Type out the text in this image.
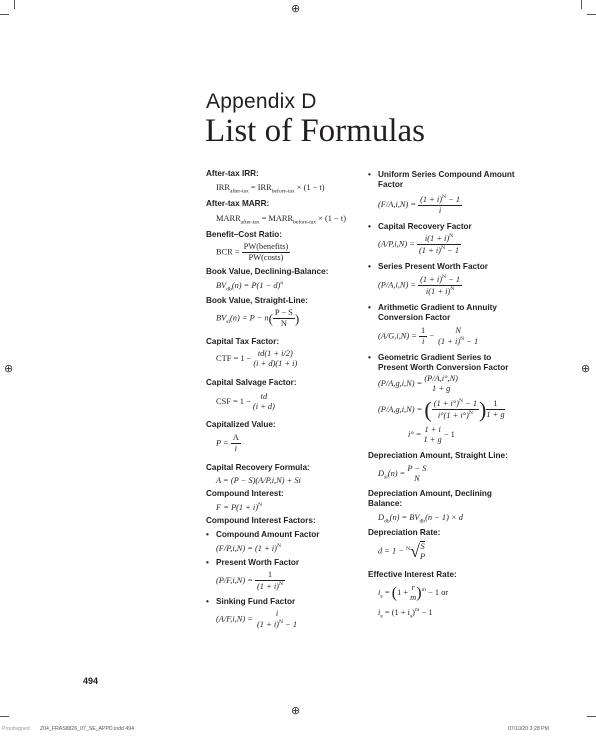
⊕
⊕	⊕
⊕
Appendix D
List of Formulas

After-tax IRR:

$IRR_{after-tax} = IRR_{before-tax} \times (1 - t)$

After-tax MARR:

$MARR_{after-tax}$ = $MARR_{before-tax} \times (1 - t)$

Benefit–Cost Ratio:

BCR = $\frac{\text{PW(benefits)}}{\text{PW(costs)}}$

Book Value, Declining-Balance:

$BV_{db}(n) = P(1 - d)^n$

Book Value, Straight-Line:

$BV_{sl}(n) = P - n( \frac{P - S}{N}$ )

Capital Tax Factor:

CTF = 1 −
td(1 + i/2)
(i + d)(1 + i)

Capital Salvage Factor:

CSF = 1 −
td
(i + d)

Capitalized Value:

$P = \frac{A}{i}$

Capital Recovery Formula:

A = (P − S)(A/P,i,N) + Si

Compound Interest:

$F = P(1 + i)^N$

Compound Interest Factors:

• Compound Amount Factor
$(F/P,i,N) = (1 + i)^N$
• Present Worth Factor
$(P/F,i,N) = \frac{1}{(1 + i)^N}$
• Sinking Fund Factor
(A/F,i,N) =
i
$(1 + i)^N - 1$
• Uniform Series Compound Amount Factor
$(F/A,i,N) = \frac{(1 + i)^N - 1}{i}$
• Capital Recovery Factor
$(A/P,i,N) = \frac{i(1 + i)^N}{(1 + i)^N - 1}$
• Series Present Worth Factor
$(P/A,i,N) = \frac{(1 + i)^N - 1}{i(1 + i)^N}$
• Arithmetic Gradient to Annuity Conversion Factor
$(A/G,i,N) = \frac{1}{i}$ −
N
$(1 + i)^N - 1$
• Geometric Gradient Series to Present Worth Conversion Factor
(P/A,g,i,N) =
(P/A,i°,N)
1 + g
(P/A,g,i,N) = ( $\frac{(1 + i^\circ)^N - 1}{i^\circ(1 + i^\circ)^N}$ ) $\frac{1}{1 + g}$
i° =
1 + i
1 + g
− 1

Depreciation Amount, Straight Line:

$D_{sl}(n)$ =
P − S
N

Depreciation Amount, Declining Balance:

$D_{db}(n) = BV_{db}(n - 1) \times d$

Depreciation Rate:

d = 1 − $^N$√ S
P

Effective Interest Rate:

$i_e = (1$ +
r
m )$^m$ − 1 or
$i_e = (1 + i_s)^m - 1$
494
Proofsigned Z04_FRAS8826_07_SE_APPD.indd 494	07/10/20 3:28 PM
